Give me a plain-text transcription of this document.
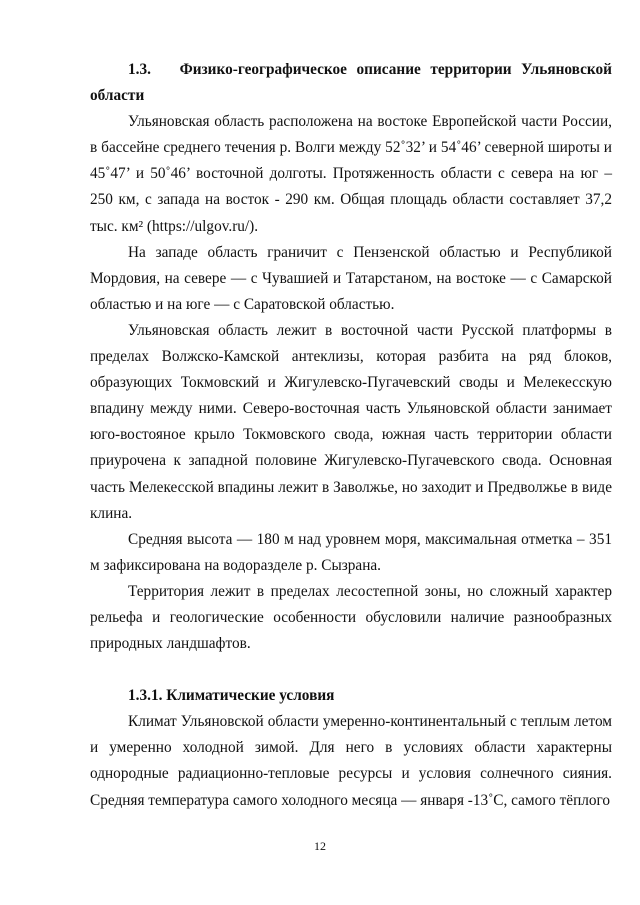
1.3.   Физико-географическое описание территории Ульяновской области

Ульяновская область расположена на востоке Европейской части России, в бассейне среднего течения р. Волги между 52˚32’ и 54˚46’ северной широты и 45˚47’ и 50˚46’ восточной долготы. Протяженность области с севера на юг – 250 км, с запада на восток - 290 км. Общая площадь области составляет 37,2 тыс. км² (https://ulgov.ru/).

На западе область граничит с Пензенской областью и Республикой Мордовия, на севере — с Чувашией и Татарстаном, на востоке — с Самарской областью и на юге — с Саратовской областью.

Ульяновская область лежит в восточной части Русской платформы в пределах Волжско-Камской антеклизы, которая разбита на ряд блоков, образующих Токмовский и Жигулевско-Пугачевский своды и Мелекесскую впадину между ними. Северо-восточная часть Ульяновской области занимает юго-востояное крыло Токмовского свода, южная часть территории области приурочена к западной половине Жигулевско-Пугачевского свода. Основная часть Мелекесской впадины лежит в Заволжье, но заходит и Предволжье в виде клина.

Средняя высота — 180 м над уровнем моря, максимальная отметка – 351 м зафиксирована на водоразделе р. Сызрана.

Территория лежит в пределах лесостепной зоны, но сложный характер рельефа и геологические особенности обусловили наличие разнообразных природных ландшафтов.

1.3.1. Климатические условия

Климат Ульяновской области умеренно-континентальный с теплым летом и умеренно холодной зимой. Для него в условиях области характерны однородные радиационно-тепловые ресурсы и условия солнечного сияния. Средняя температура самого холодного месяца — января -13˚С, самого тёплого

12
